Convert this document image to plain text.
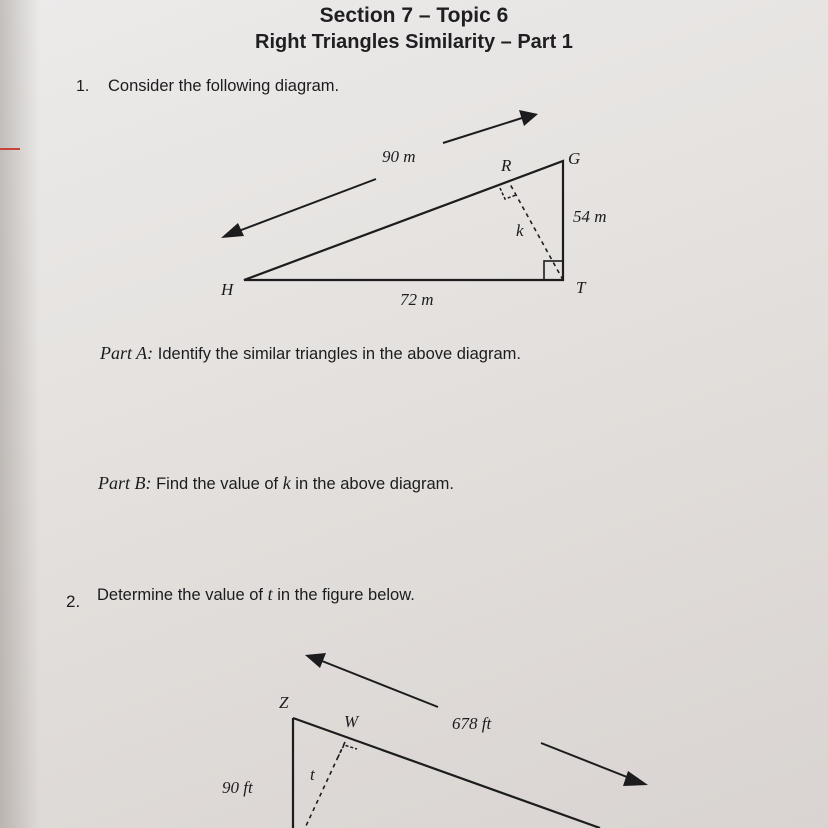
Section 7 – Topic 6
Right Triangles Similarity – Part 1
1. Consider the following diagram.
90 m	R	G
54 m
k
H	T
72 m
Z
W	678 ft
90 ft
t
Part A: Identify the similar triangles in the above diagram.
Part B: Find the value of k in the above diagram.
2. Determine the value of t in the figure below.
